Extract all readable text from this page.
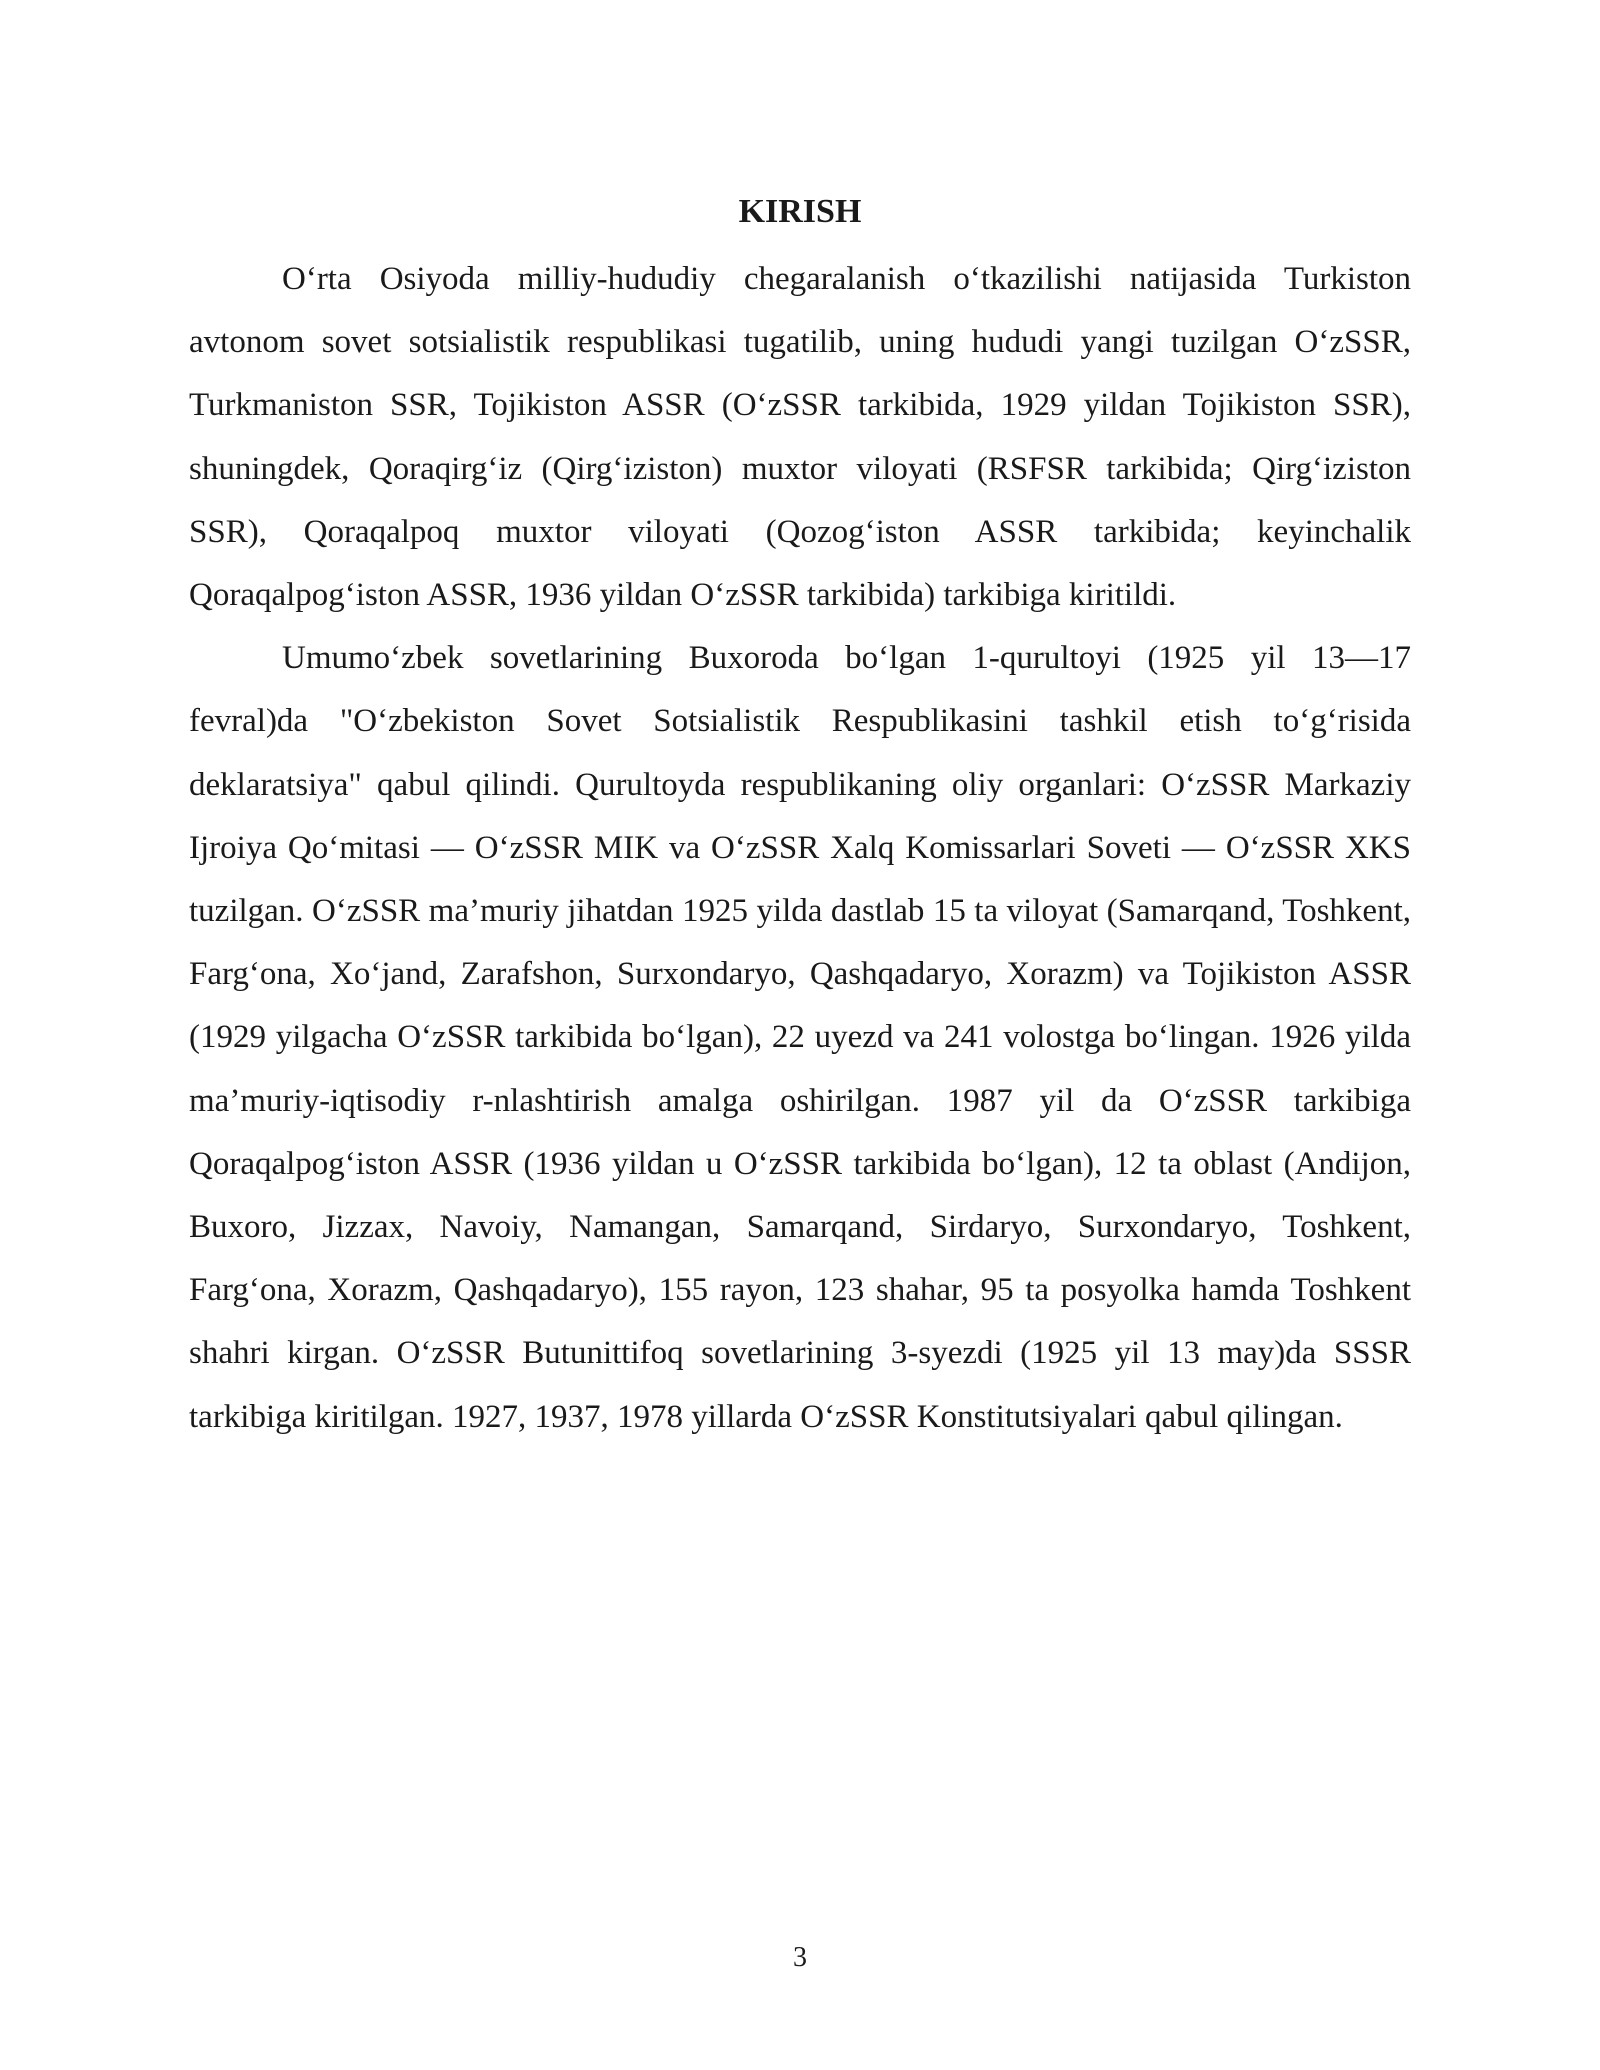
KIRISH

O‘rta Osiyoda milliy-hududiy chegaralanish o‘tkazilishi natijasida Turkiston avtonom sovet sotsialistik respublikasi tugatilib, uning hududi yangi tuzilgan O‘zSSR, Turkmaniston SSR, Tojikiston ASSR (O‘zSSR tarkibida, 1929 yildan Tojikiston SSR), shuningdek, Qoraqirg‘iz (Qirg‘iziston) muxtor viloyati (RSFSR tarkibida; Qirg‘iziston SSR), Qoraqalpoq muxtor viloyati (Qozog‘iston ASSR tarkibida; keyinchalik Qoraqalpog‘iston ASSR, 1936 yildan O‘zSSR tarkibida) tarkibiga kiritildi.

Umumo‘zbek sovetlarining Buxoroda bo‘lgan 1-qurultoyi (1925 yil 13—17 fevral)da "O‘zbekiston Sovet Sotsialistik Respublikasini tashkil etish to‘g‘risida deklaratsiya" qabul qilindi. Qurultoyda respublikaning oliy organlari: O‘zSSR Markaziy Ijroiya Qo‘mitasi — O‘zSSR MIK va O‘zSSR Xalq Komissarlari Soveti — O‘zSSR XKS tuzilgan. O‘zSSR ma’muriy jihatdan 1925 yilda dastlab 15 ta viloyat (Samarqand, Toshkent, Farg‘ona, Xo‘jand, Zarafshon, Surxondaryo, Qashqadaryo, Xorazm) va Tojikiston ASSR (1929 yilgacha O‘zSSR tarkibida bo‘lgan), 22 uyezd va 241 volostga bo‘lingan. 1926 yilda ma’muriy-iqtisodiy r-nlashtirish amalga oshirilgan. 1987 yil da O‘zSSR tarkibiga Qoraqalpog‘iston ASSR (1936 yildan u O‘zSSR tarkibida bo‘lgan), 12 ta oblast (Andijon, Buxoro, Jizzax, Navoiy, Namangan, Samarqand, Sirdaryo, Surxondaryo, Toshkent, Farg‘ona, Xorazm, Qashqadaryo), 155 rayon, 123 shahar, 95 ta posyolka hamda Toshkent shahri kirgan. O‘zSSR Butunittifoq sovetlarining 3-syezdi (1925 yil 13 may)da SSSR tarkibiga kiritilgan. 1927, 1937, 1978 yillarda O‘zSSR Konstitutsiyalari qabul qilingan.

3
